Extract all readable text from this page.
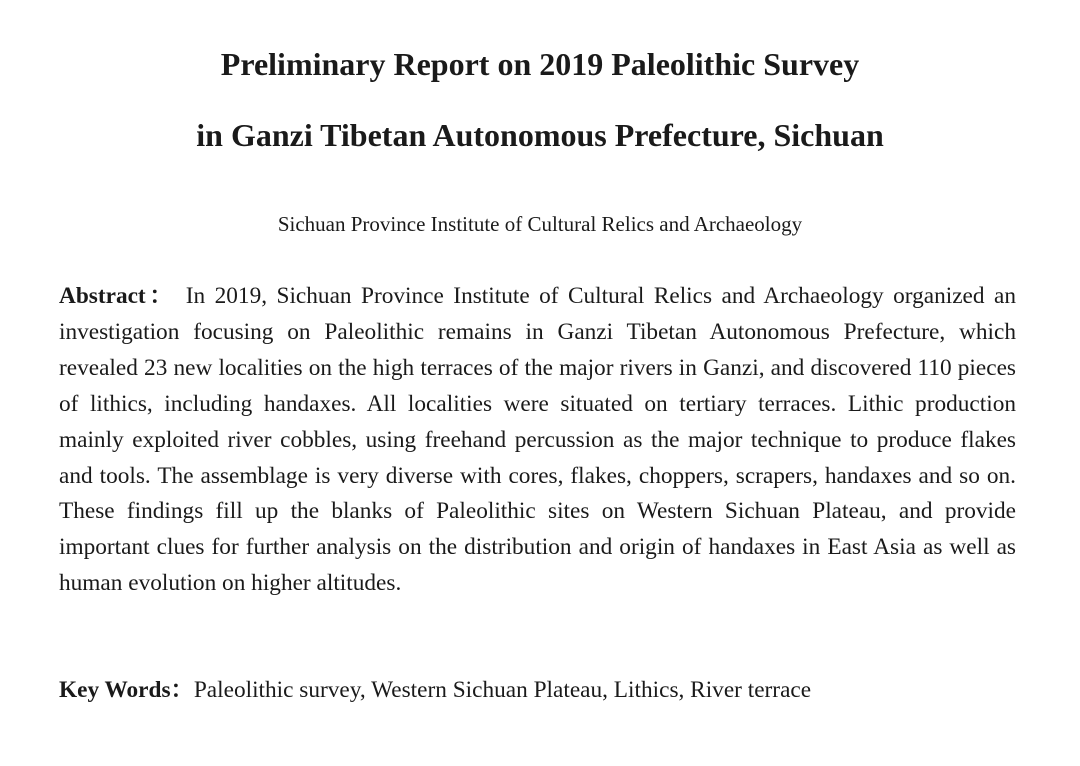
Preliminary Report on 2019 Paleolithic Survey
in Ganzi Tibetan Autonomous Prefecture, Sichuan

Sichuan Province Institute of Cultural Relics and Archaeology

Abstract： In 2019, Sichuan Province Institute of Cultural Relics and Archaeology organized an investigation focusing on Paleolithic remains in Ganzi Tibetan Autonomous Prefecture, which revealed 23 new localities on the high terraces of the major rivers in Ganzi, and discovered 110 pieces of lithics, including handaxes. All localities were situated on tertiary terraces. Lithic production mainly exploited river cobbles, using freehand percussion as the major technique to produce flakes and tools. The assemblage is very diverse with cores, flakes, choppers, scrapers, handaxes and so on. These findings fill up the blanks of Paleolithic sites on Western Sichuan Plateau, and provide important clues for further analysis on the distribution and origin of handaxes in East Asia as well as human evolution on higher altitudes.

Key Words：Paleolithic survey, Western Sichuan Plateau, Lithics, River terrace
